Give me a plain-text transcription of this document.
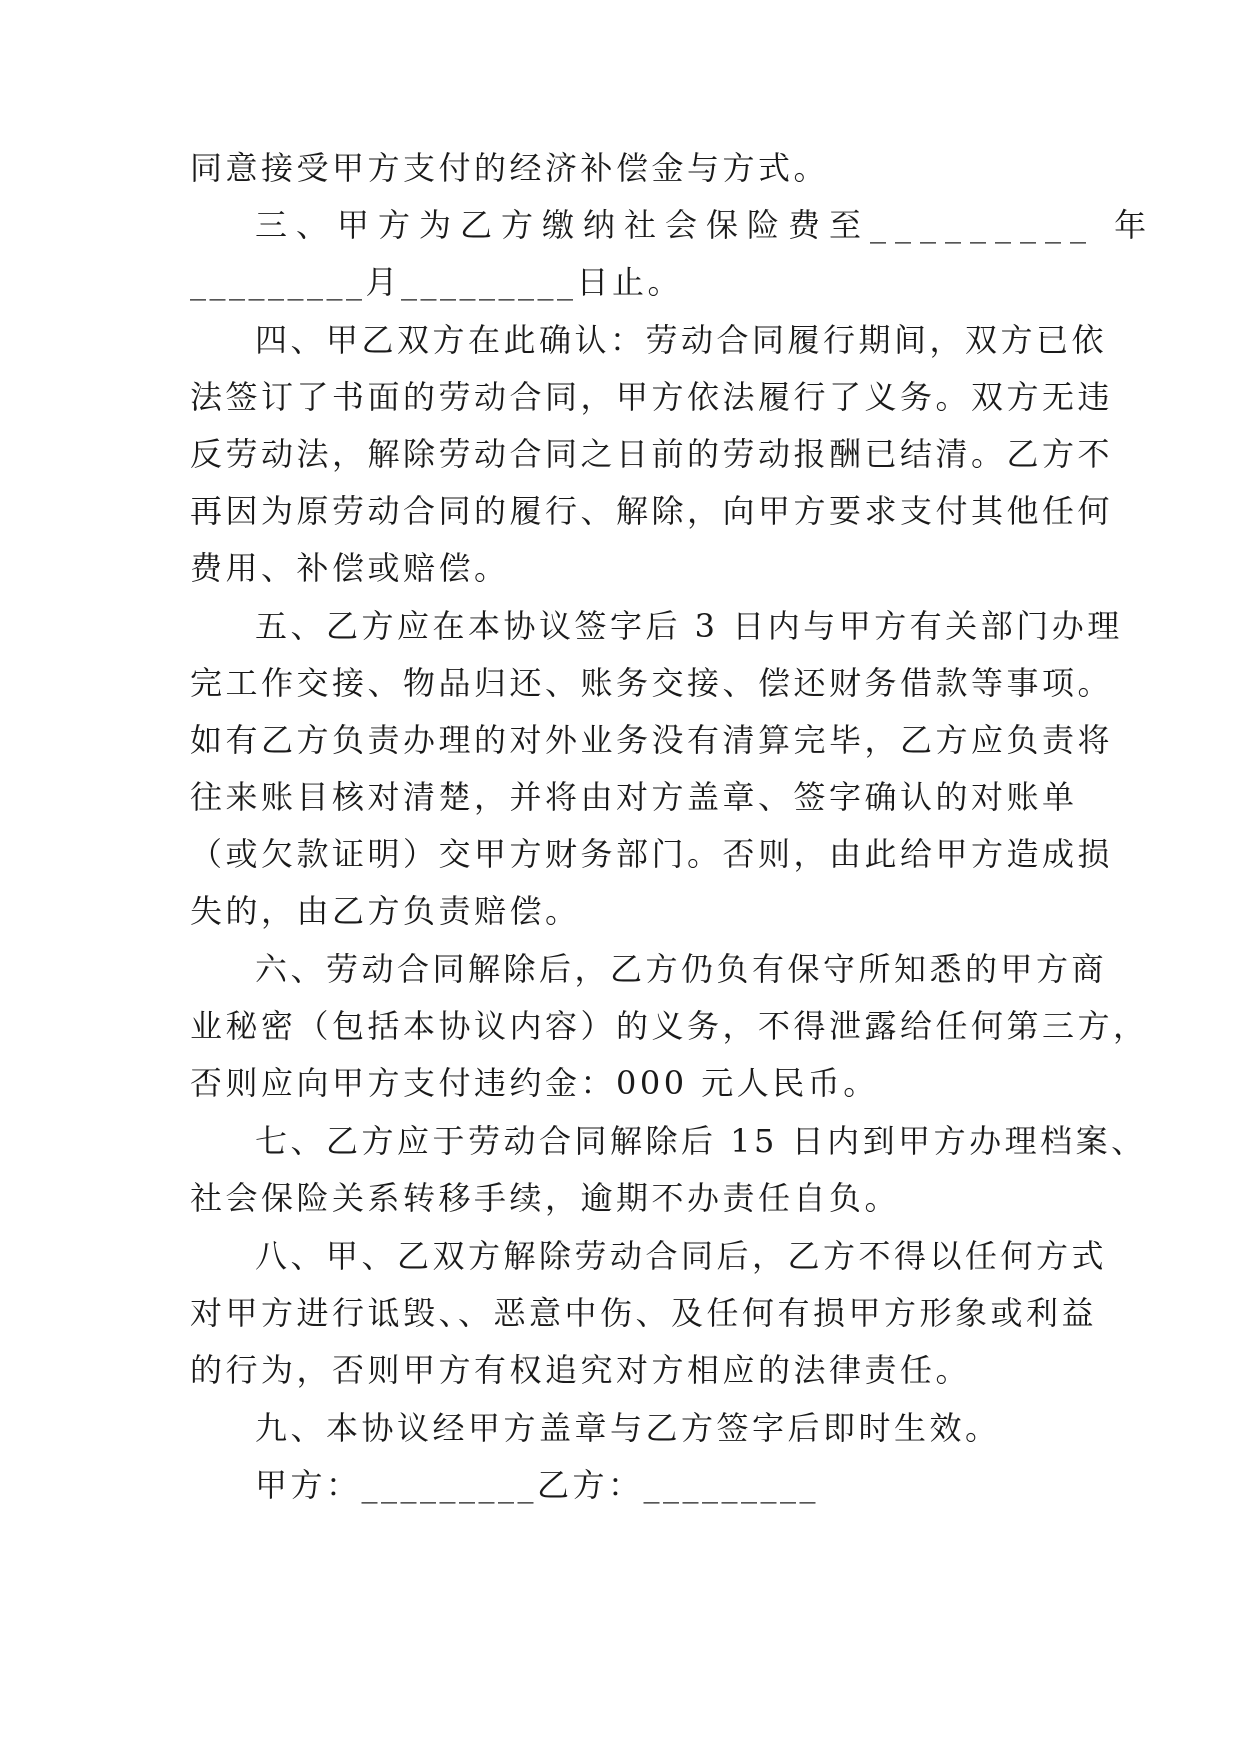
同意接受甲方支付的经济补偿金与方式。
三、甲方为乙方缴纳社会保险费至_________ 年
_________月_________日止。
四、甲乙双方在此确认：劳动合同履行期间，双方已依
法签订了书面的劳动合同，甲方依法履行了义务。双方无违
反劳动法，解除劳动合同之日前的劳动报酬已结清。乙方不
再因为原劳动合同的履行、解除，向甲方要求支付其他任何
费用、补偿或赔偿。
五、乙方应在本协议签字后 3 日内与甲方有关部门办理
完工作交接、物品归还、账务交接、偿还财务借款等事项。
如有乙方负责办理的对外业务没有清算完毕，乙方应负责将
往来账目核对清楚，并将由对方盖章、签字确认的对账单
（或欠款证明）交甲方财务部门。否则，由此给甲方造成损
失的，由乙方负责赔偿。
六、劳动合同解除后，乙方仍负有保守所知悉的甲方商
业秘密（包括本协议内容）的义务，不得泄露给任何第三方，
否则应向甲方支付违约金：000 元人民币。
七、乙方应于劳动合同解除后 15 日内到甲方办理档案、
社会保险关系转移手续，逾期不办责任自负。
八、甲、乙双方解除劳动合同后，乙方不得以任何方式
对甲方进行诋毁、、恶意中伤、及任何有损甲方形象或利益
的行为，否则甲方有权追究对方相应的法律责任。
九、本协议经甲方盖章与乙方签字后即时生效。
甲方：_________乙方：_________
